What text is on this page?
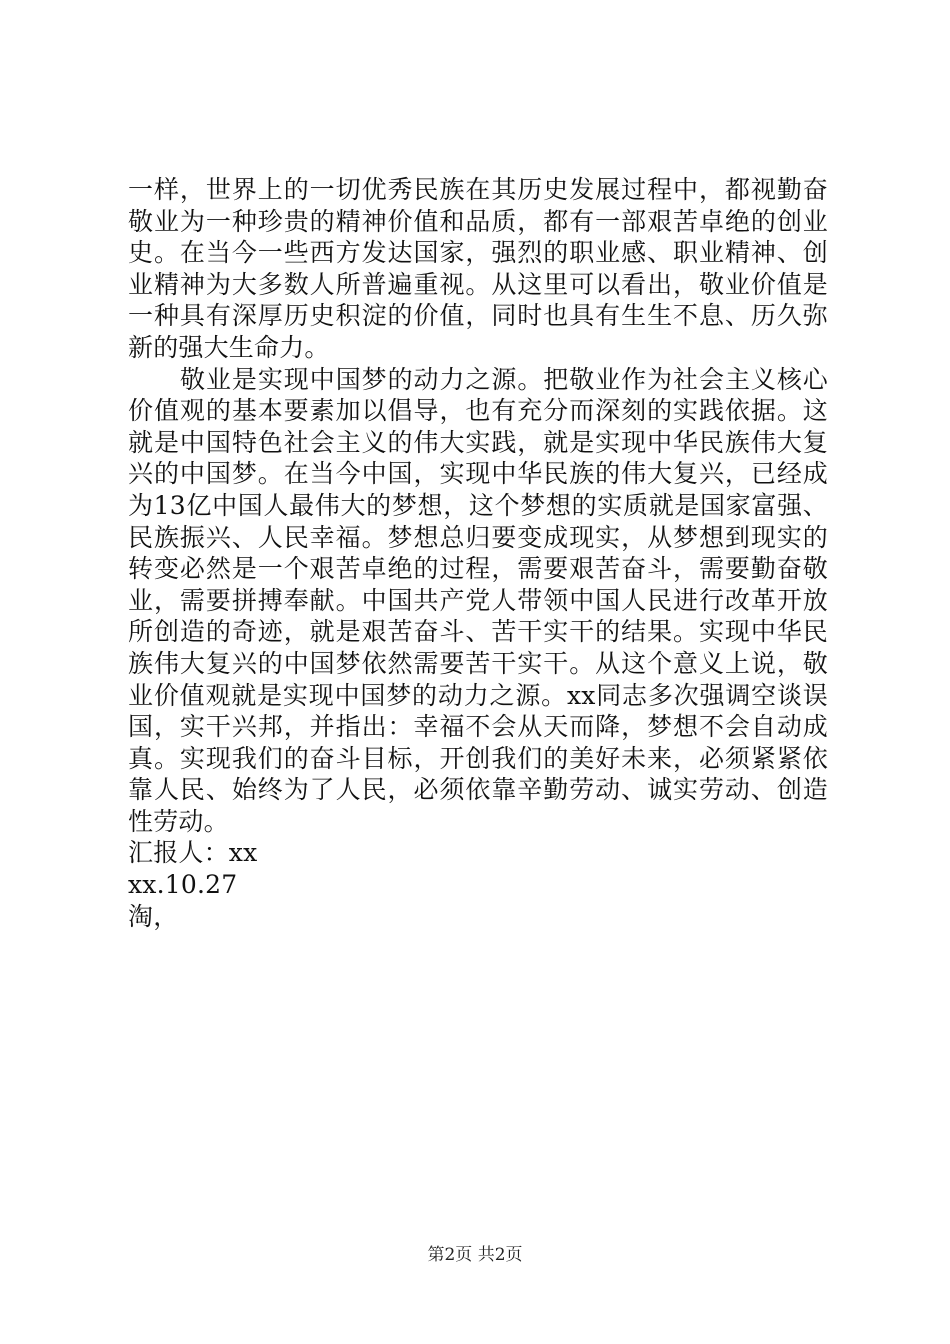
一样，世界上的一切优秀民族在其历史发展过程中，都视勤奋敬业为一种珍贵的精神价值和品质，都有一部艰苦卓绝的创业史。在当今一些西方发达国家，强烈的职业感、职业精神、创业精神为大多数人所普遍重视。从这里可以看出，敬业价值是一种具有深厚历史积淀的价值，同时也具有生生不息、历久弥新的强大生命力。

敬业是实现中国梦的动力之源。把敬业作为社会主义核心价值观的基本要素加以倡导，也有充分而深刻的实践依据。这就是中国特色社会主义的伟大实践，就是实现中华民族伟大复兴的中国梦。在当今中国，实现中华民族的伟大复兴，已经成为13亿中国人最伟大的梦想，这个梦想的实质就是国家富强、民族振兴、人民幸福。梦想总归要变成现实，从梦想到现实的转变必然是一个艰苦卓绝的过程，需要艰苦奋斗，需要勤奋敬业，需要拼搏奉献。中国共产党人带领中国人民进行改革开放所创造的奇迹，就是艰苦奋斗、苦干实干的结果。实现中华民族伟大复兴的中国梦依然需要苦干实干。从这个意义上说，敬业价值观就是实现中国梦的动力之源。xx同志多次强调空谈误国，实干兴邦，并指出：幸福不会从天而降，梦想不会自动成真。实现我们的奋斗目标，开创我们的美好未来，必须紧紧依靠人民、始终为了人民，必须依靠辛勤劳动、诚实劳动、创造性劳动。

汇报人：xx

xx.10.27

淘，

第2页 共2页
